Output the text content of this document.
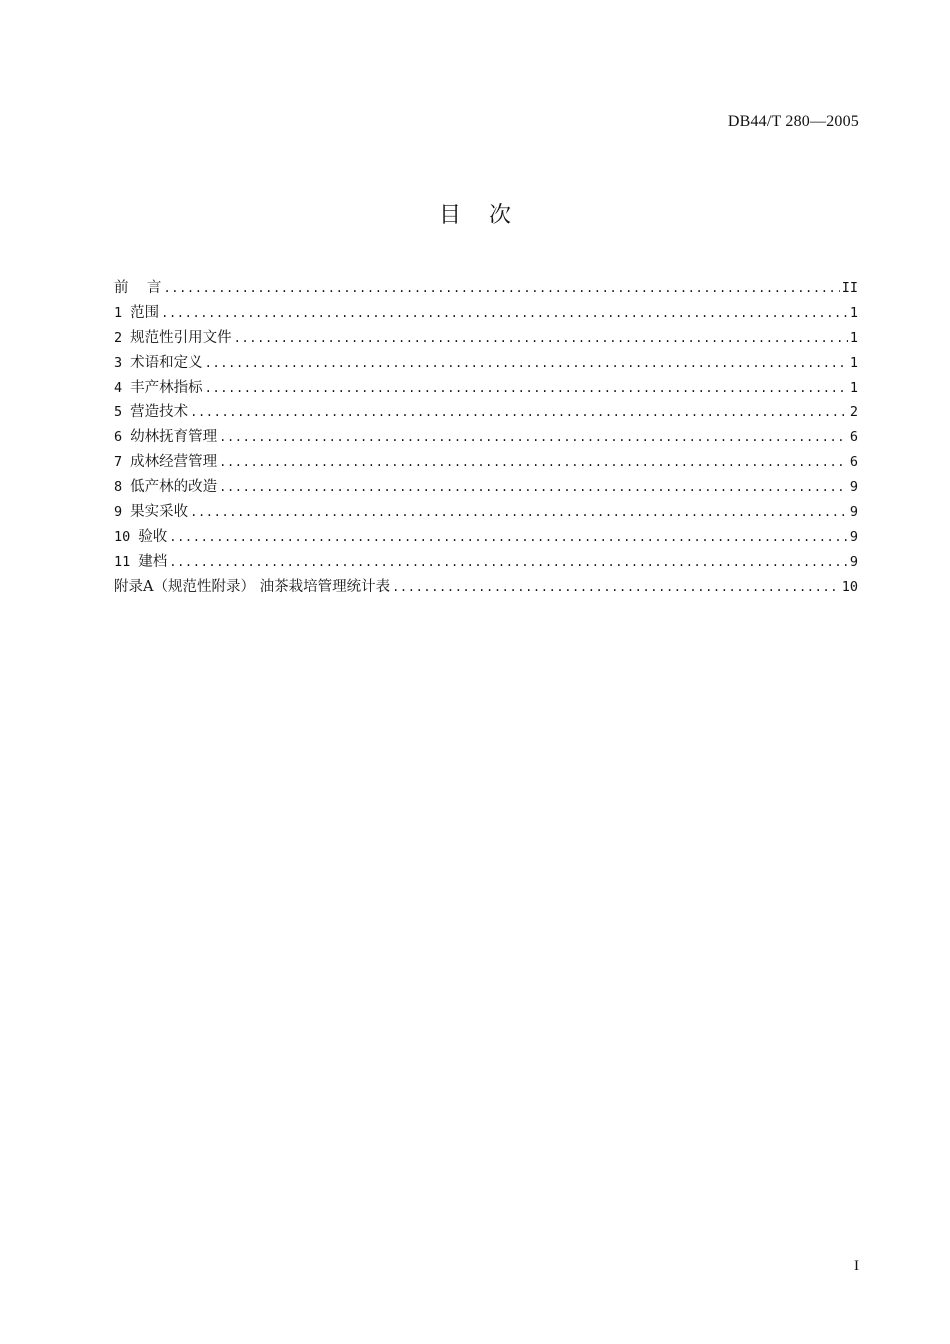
DB44/T 280—2005
目    次
前    言 .....	II
1 范围 .....	1
2 规范性引用文件 .....	1
3 术语和定义 .....	1
4 丰产林指标 .....	1
5 营造技术 .....	2
6 幼林抚育管理 .....	6
7 成林经营管理 .....	6
8 低产林的改造 .....	9
9 果实采收 .....	9
10 验收 .....	9
11 建档 .....	9
附录A（规范性附录） 油茶栽培管理统计表 .....	10
I
